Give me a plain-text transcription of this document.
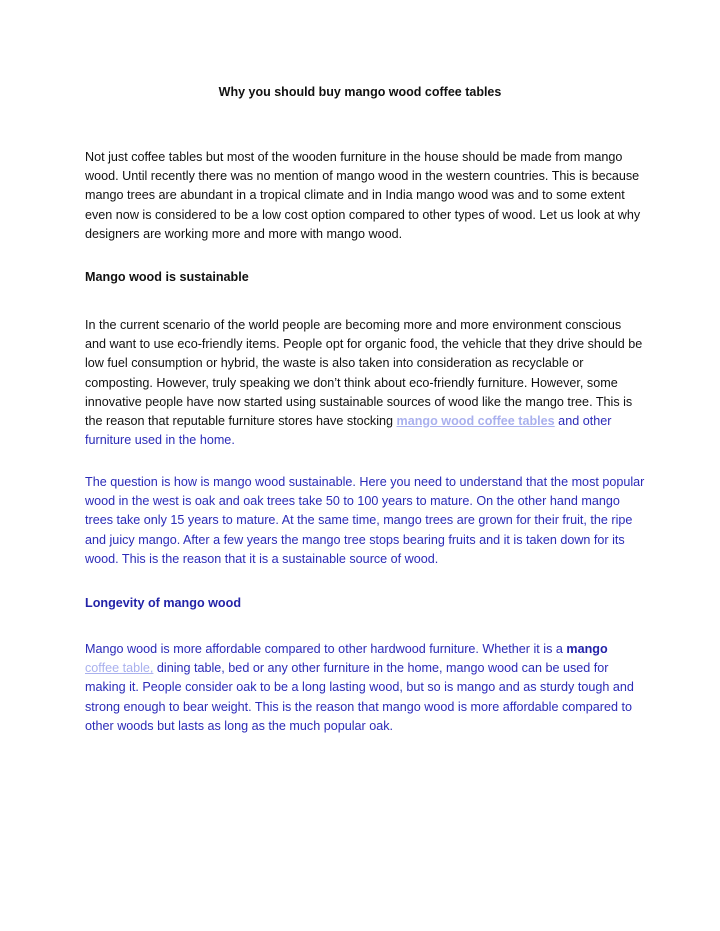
Why you should buy mango wood coffee tables

Not just coffee tables but most of the wooden furniture in the house should be made from mango wood. Until recently there was no mention of mango wood in the western countries. This is because mango trees are abundant in a tropical climate and in India mango wood was and to some extent even now is considered to be a low cost option compared to other types of wood. Let us look at why designers are working more and more with mango wood.

Mango wood is sustainable

In the current scenario of the world people are becoming more and more environment conscious and want to use eco-friendly items. People opt for organic food, the vehicle that they drive should be low fuel consumption or hybrid, the waste is also taken into consideration as recyclable or composting. However, truly speaking we don’t think about eco-friendly furniture. However, some innovative people have now started using sustainable sources of wood like the mango tree. This is the reason that reputable furniture stores have stocking mango wood coffee tables and other furniture used in the home.

The question is how is mango wood sustainable. Here you need to understand that the most popular wood in the west is oak and oak trees take 50 to 100 years to mature. On the other hand mango trees take only 15 years to mature. At the same time, mango trees are grown for their fruit, the ripe and juicy mango. After a few years the mango tree stops bearing fruits and it is taken down for its wood. This is the reason that it is a sustainable source of wood.

Longevity of mango wood

Mango wood is more affordable compared to other hardwood furniture. Whether it is a mango coffee table, dining table, bed or any other furniture in the home, mango wood can be used for making it. People consider oak to be a long lasting wood, but so is mango and as sturdy tough and strong enough to bear weight. This is the reason that mango wood is more affordable compared to other woods but lasts as long as the much popular oak.
